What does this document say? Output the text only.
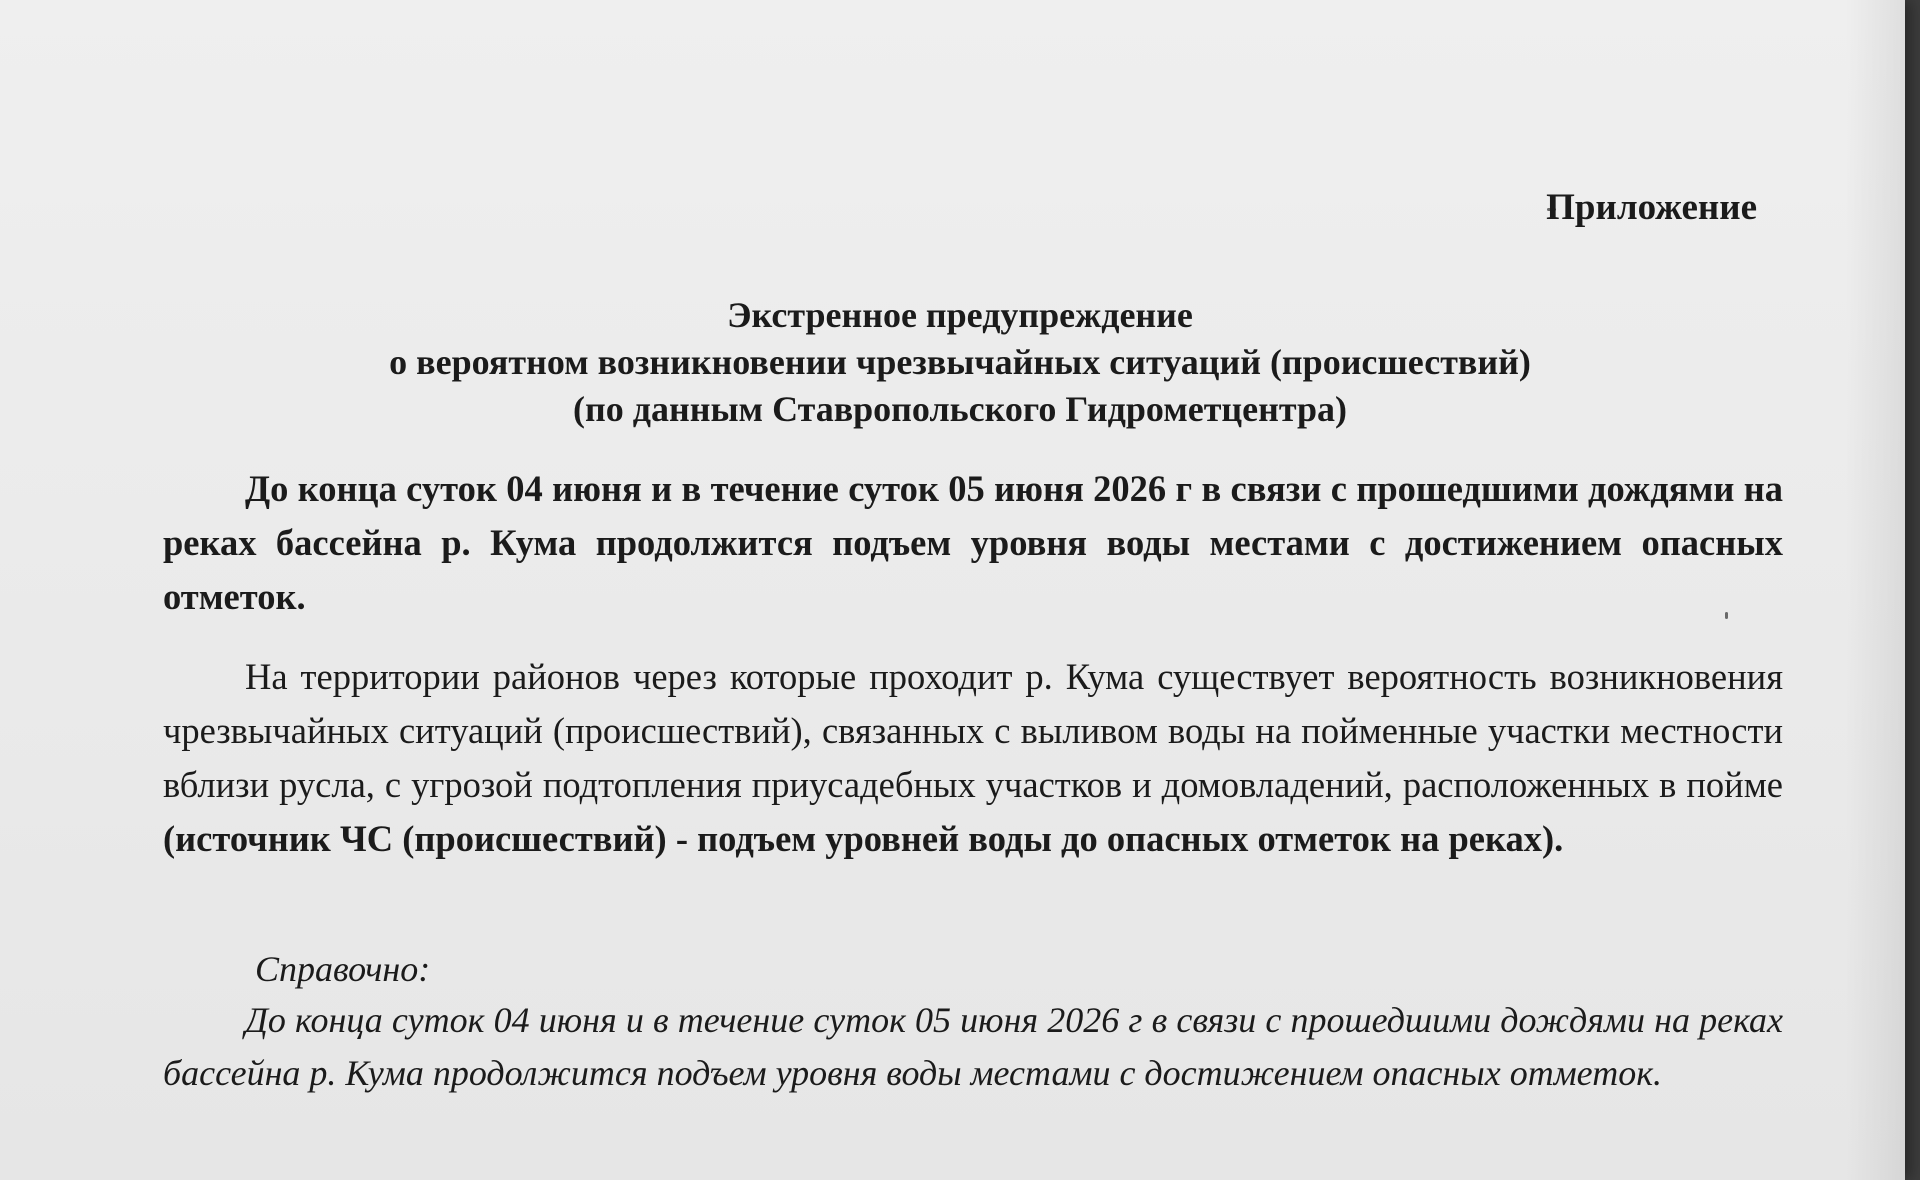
Приложение

Экстренное предупреждение
о вероятном возникновении чрезвычайных ситуаций (происшествий)
(по данным Ставропольского Гидрометцентра)

До конца суток 04 июня и в течение суток 05 июня 2026 г в связи с прошедшими дождями на реках бассейна р. Кума продолжится подъем уровня воды местами с достижением опасных отметок.

На территории районов через которые проходит р. Кума существует вероятность возникновения чрезвычайных ситуаций (происшествий), связанных с выливом воды на пойменные участки местности вблизи русла, с угрозой подтопления приусадебных участков и домовладений, расположенных в пойме (источник ЧС (происшествий) - подъем уровней воды до опасных отметок на реках).

Справочно:

До конца суток 04 июня и в течение суток 05 июня 2026 г в связи с прошедшими дождями на реках бассейна р. Кума продолжится подъем уровня воды местами с достижением опасных отметок.
